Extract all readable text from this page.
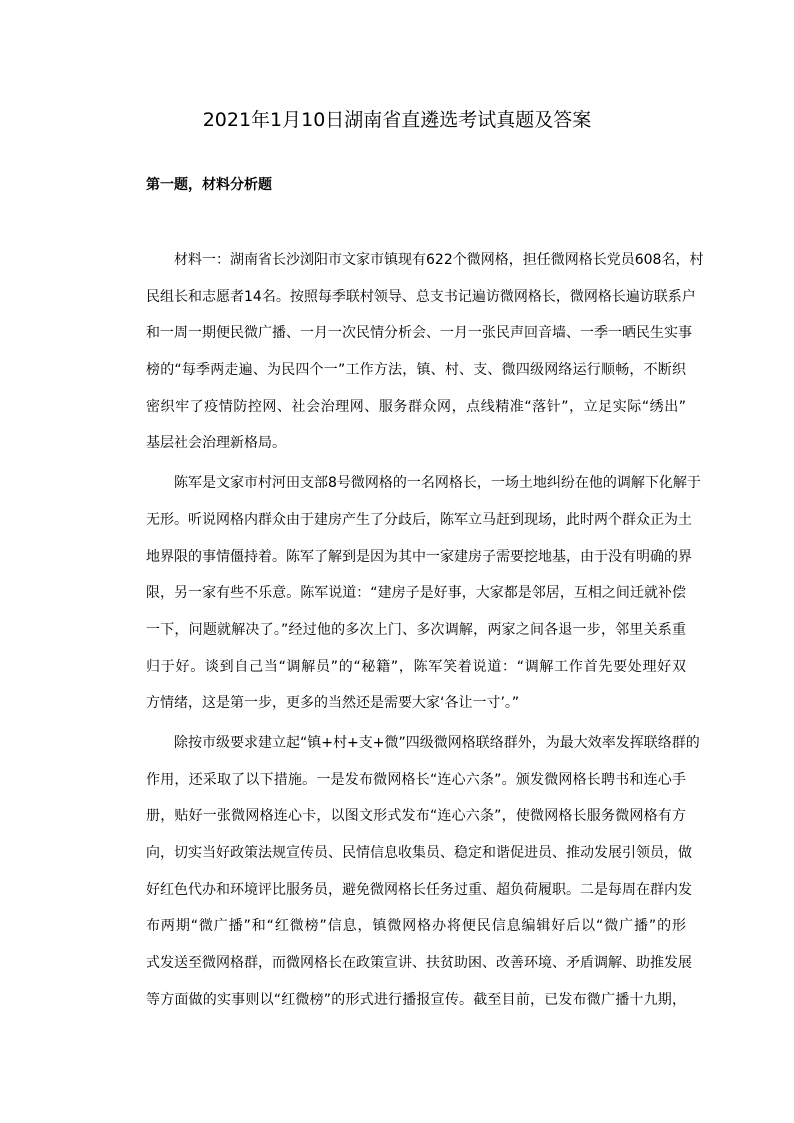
2021年1月10日湖南省直遴选考试真题及答案
第一题，材料分析题
材料一：湖南省长沙浏阳市文家市镇现有622个微网格，担任微网格长党员608名，村
民组长和志愿者14名。按照每季联村领导、总支书记遍访微网格长，微网格长遍访联系户
和一周一期便民微广播、一月一次民情分析会、一月一张民声回音墙、一季一晒民生实事
榜的“每季两走遍、为民四个一”工作方法，镇、村、支、微四级网络运行顺畅，不断织
密织牢了疫情防控网、社会治理网、服务群众网，点线精准“落针”，立足实际“绣出”
基层社会治理新格局。
陈军是文家市村河田支部8号微网格的一名网格长，一场土地纠纷在他的调解下化解于
无形。听说网格内群众由于建房产生了分歧后，陈军立马赶到现场，此时两个群众正为土
地界限的事情僵持着。陈军了解到是因为其中一家建房子需要挖地基，由于没有明确的界
限，另一家有些不乐意。陈军说道：“建房子是好事，大家都是邻居，互相之间迁就补偿
一下，问题就解决了。”经过他的多次上门、多次调解，两家之间各退一步，邻里关系重
归于好。谈到自己当“调解员”的“秘籍”，陈军笑着说道：“调解工作首先要处理好双
方情绪，这是第一步，更多的当然还是需要大家‘各让一寸’。”
除按市级要求建立起“镇+村+支+微”四级微网格联络群外，为最大效率发挥联络群的
作用，还采取了以下措施。一是发布微网格长“连心六条”。颁发微网格长聘书和连心手
册，贴好一张微网格连心卡，以图文形式发布“连心六条”，使微网格长服务微网格有方
向，切实当好政策法规宣传员、民情信息收集员、稳定和谐促进员、推动发展引领员，做
好红色代办和环境评比服务员，避免微网格长任务过重、超负荷履职。二是每周在群内发
布两期“微广播”和“红微榜”信息，镇微网格办将便民信息编辑好后以“微广播”的形
式发送至微网格群，而微网格长在政策宣讲、扶贫助困、改善环境、矛盾调解、助推发展
等方面做的实事则以“红微榜”的形式进行播报宣传。截至目前，已发布微广播十九期，
